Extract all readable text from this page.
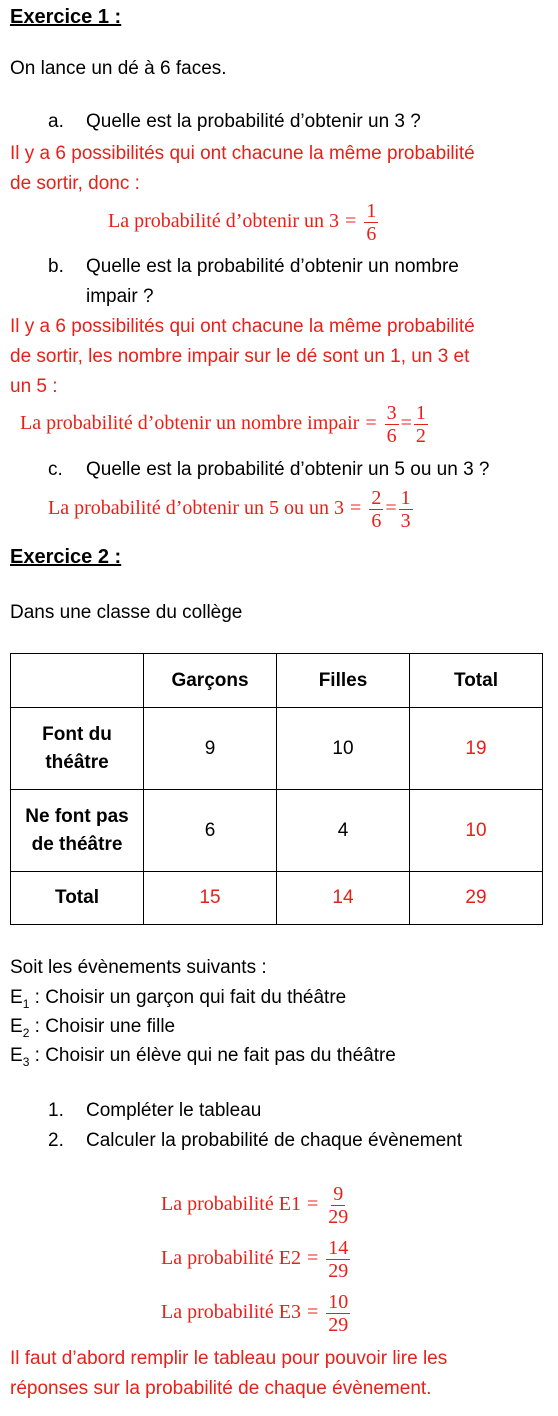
Exercice 1 :
On lance un dé à 6 faces.
a. Quelle est la probabilité d’obtenir un 3 ?
Il y a 6 possibilités qui ont chacune la même probabilité
de sortir, donc :
La probabilité d’obtenir un $3 = \frac{1}{6}$
b. Quelle est la probabilité d’obtenir un nombre
impair ?
Il y a 6 possibilités qui ont chacune la même probabilité
de sortir, les nombre impair sur le dé sont un 1, un 3 et
un 5 :
La probabilité d’obtenir un nombre impair = $\frac{3}{6} = \frac{1}{2}$
c. Quelle est la probabilité d’obtenir un 5 ou un 3 ?
La probabilité d’obtenir un 5 ou un $3 = \frac{2}{6} = \frac{1}{3}$
Exercice 2 :
Dans une classe du collège
	Garçons	Filles	Total
Font du théâtre	9	10	19
Ne font pas de théâtre	6	4	10
Total	15	14	29
Soit les évènements suivants :
$E_1$ : Choisir un garçon qui fait du théâtre
$E_2$ : Choisir une fille
$E_3$ : Choisir un élève qui ne fait pas du théâtre
1. Compléter le tableau
2. Calculer la probabilité de chaque évènement
La probabilité $E1 = \frac{9}{29}$
La probabilité $E2 = \frac{14}{29}$
La probabilité $E3 = \frac{10}{29}$
Il faut d’abord remplir le tableau pour pouvoir lire les
réponses sur la probabilité de chaque évènement.
